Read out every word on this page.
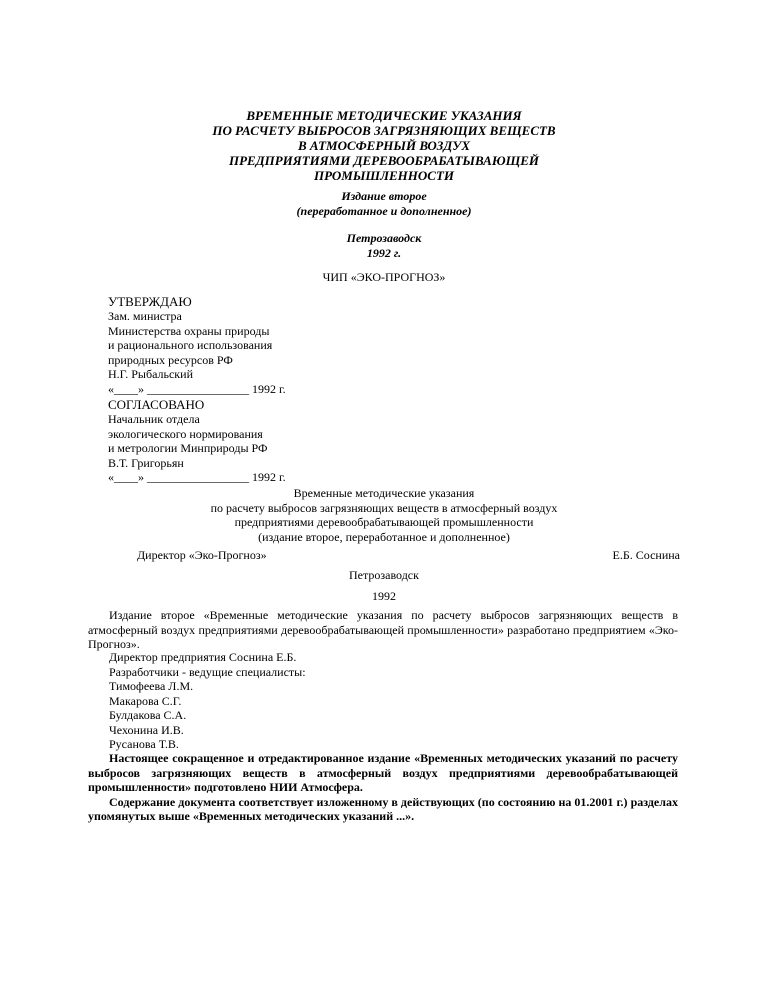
ВРЕМЕННЫЕ МЕТОДИЧЕСКИЕ УКАЗАНИЯ
ПО РАСЧЕТУ ВЫБРОСОВ ЗАГРЯЗНЯЮЩИХ ВЕЩЕСТВ
В АТМОСФЕРНЫЙ ВОЗДУХ
ПРЕДПРИЯТИЯМИ ДЕРЕВООБРАБАТЫВАЮЩЕЙ
ПРОМЫШЛЕННОСТИ
Издание второе
(переработанное и дополненное)
Петрозаводск
1992 г.
ЧИП «ЭКО-ПРОГНОЗ»
УТВЕРЖДАЮ
Зам. министра
Министерства охраны природы
и рационального использования
природных ресурсов РФ
Н.Г. Рыбальский
«____» _________________ 1992 г.
СОГЛАСОВАНО
Начальник отдела
экологического нормирования
и метрологии Минприроды РФ
В.Т. Григорьян
«____» _________________ 1992 г.
Временные методические указания
по расчету выбросов загрязняющих веществ в атмосферный воздух
предприятиями деревообрабатывающей промышленности
(издание второе, переработанное и дополненное)
Директор «Эко-Прогноз»	Е.Б. Соснина
Петрозаводск
1992

Издание второе «Временные методические указания по расчету выбросов загрязняющих веществ в атмосферный воздух предприятиями деревообрабатывающей промышленности» разработано предприятием «Эко-Прогноз».

Директор предприятия Соснина Е.Б.
Разработчики - ведущие специалисты:
Тимофеева Л.М.
Макарова С.Г.
Булдакова С.А.
Чехонина И.В.
Русанова Т.В.

Настоящее сокращенное и отредактированное издание «Временных методических указаний по расчету выбросов загрязняющих веществ в атмосферный воздух предприятиями деревообрабатывающей промышленности» подготовлено НИИ Атмосфера.

Содержание документа соответствует изложенному в действующих (по состоянию на 01.2001 г.) разделах упомянутых выше «Временных методических указаний ...».
